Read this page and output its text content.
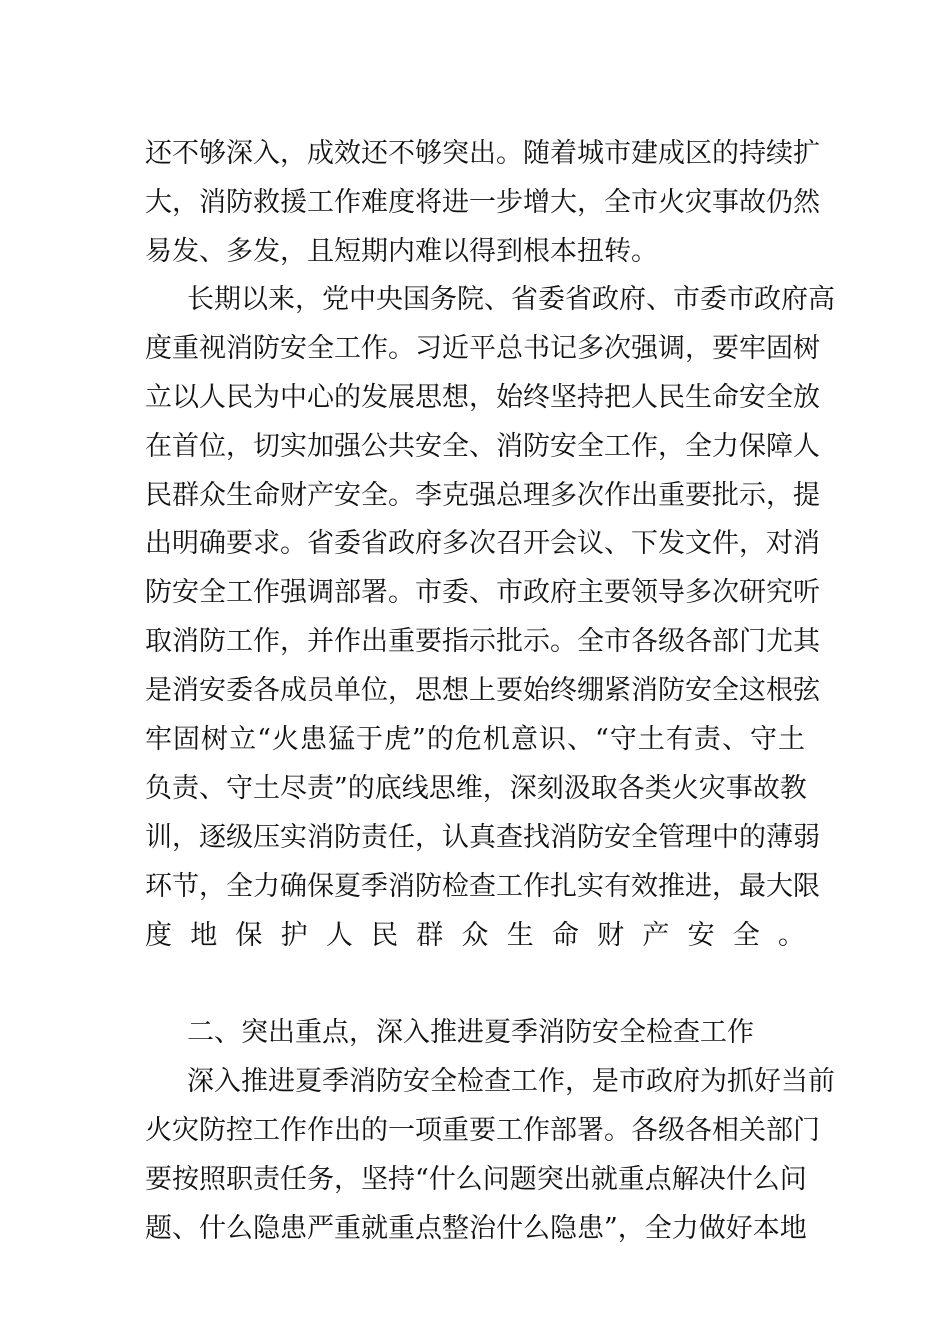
还不够深入，成效还不够突出。随着城市建成区的持续扩
大，消防救援工作难度将进一步增大，全市火灾事故仍然
易发、多发，且短期内难以得到根本扭转。
长期以来，党中央国务院、省委省政府、市委市政府高
度重视消防安全工作。习近平总书记多次强调，要牢固树
立以人民为中心的发展思想，始终坚持把人民生命安全放
在首位，切实加强公共安全、消防安全工作，全力保障人
民群众生命财产安全。李克强总理多次作出重要批示，提
出明确要求。省委省政府多次召开会议、下发文件，对消
防安全工作强调部署。市委、市政府主要领导多次研究听
取消防工作，并作出重要指示批示。全市各级各部门尤其
是消安委各成员单位，思想上要始终绷紧消防安全这根弦
牢固树立“火患猛于虎”的危机意识、“守土有责、守土
负责、守土尽责”的底线思维，深刻汲取各类火灾事故教
训，逐级压实消防责任，认真查找消防安全管理中的薄弱
环节，全力确保夏季消防检查工作扎实有效推进，最大限
度地保护人民群众生命财产安全。
二、突出重点，深入推进夏季消防安全检查工作
深入推进夏季消防安全检查工作，是市政府为抓好当前
火灾防控工作作出的一项重要工作部署。各级各相关部门
要按照职责任务，坚持“什么问题突出就重点解决什么问
题、什么隐患严重就重点整治什么隐患”，全力做好本地
